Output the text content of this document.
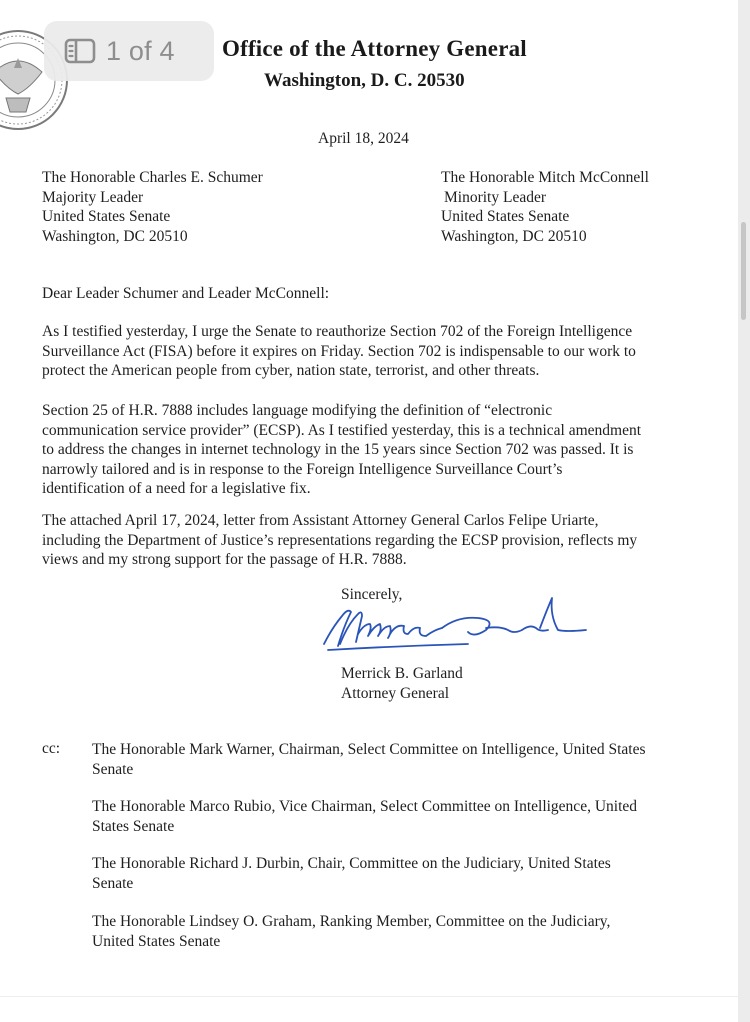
1 of 4 Office of the Attorney General
Washington, D. C. 20530
April 18, 2024
The Honorable Charles E. Schumer
Majority Leader
United States Senate
Washington, DC 20510
The Honorable Mitch McConnell
Minority Leader
United States Senate
Washington, DC 20510
Dear Leader Schumer and Leader McConnell:
As I testified yesterday, I urge the Senate to reauthorize Section 702 of the Foreign Intelligence
Surveillance Act (FISA) before it expires on Friday. Section 702 is indispensable to our work to
protect the American people from cyber, nation state, terrorist, and other threats.
Section 25 of H.R. 7888 includes language modifying the definition of “electronic
communication service provider” (ECSP). As I testified yesterday, this is a technical amendment
to address the changes in internet technology in the 15 years since Section 702 was passed. It is
narrowly tailored and is in response to the Foreign Intelligence Surveillance Court’s
identification of a need for a legislative fix.
The attached April 17, 2024, letter from Assistant Attorney General Carlos Felipe Uriarte,
including the Department of Justice’s representations regarding the ECSP provision, reflects my
views and my strong support for the passage of H.R. 7888.
Sincerely,
Merrick B. Garland
Attorney General
cc: The Honorable Mark Warner, Chairman, Select Committee on Intelligence, United States
Senate
The Honorable Marco Rubio, Vice Chairman, Select Committee on Intelligence, United
States Senate
The Honorable Richard J. Durbin, Chair, Committee on the Judiciary, United States
Senate
The Honorable Lindsey O. Graham, Ranking Member, Committee on the Judiciary,
United States Senate
